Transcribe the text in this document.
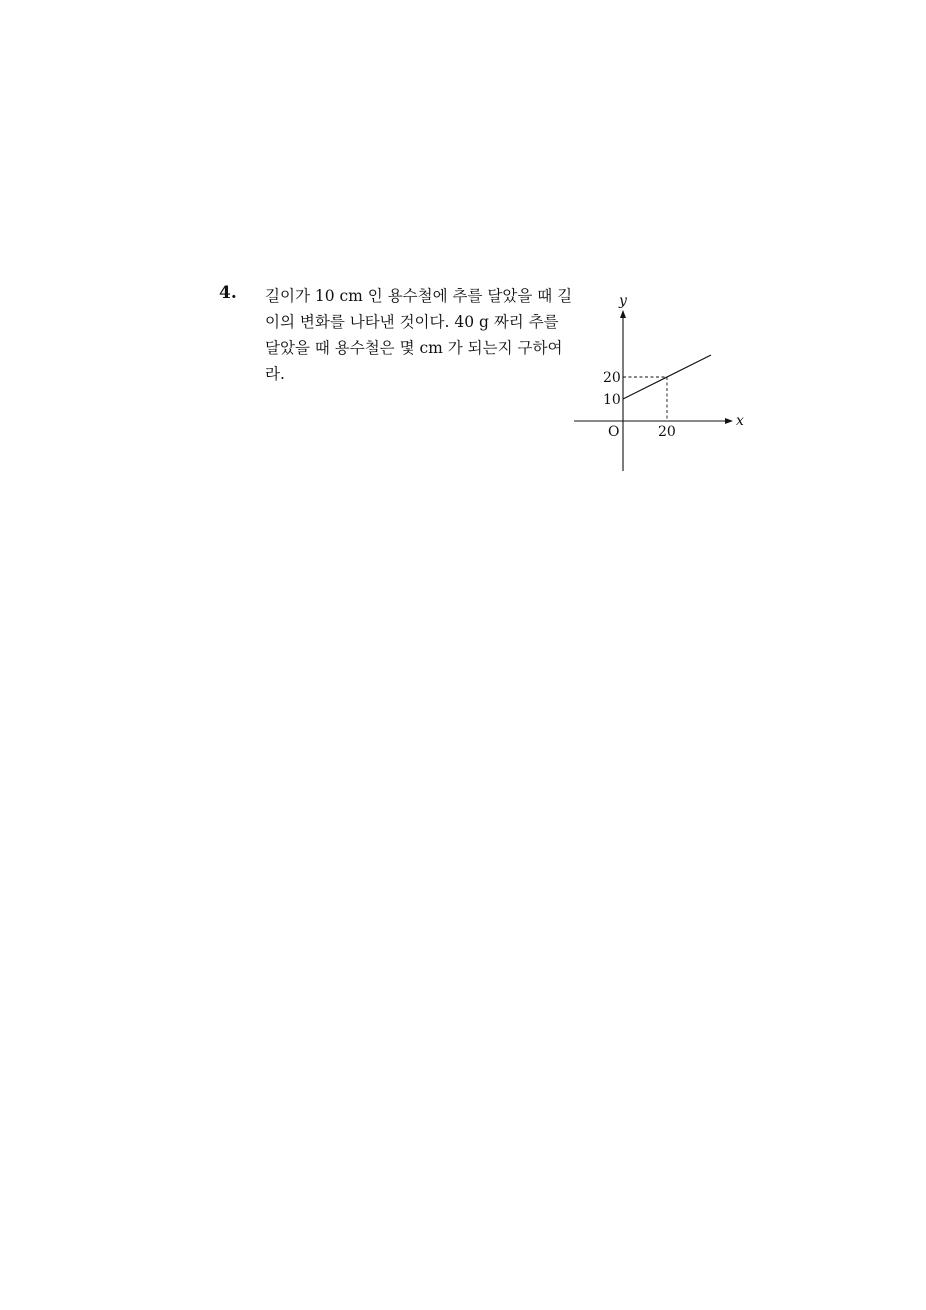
4. 길이가 10 cm 인 용수철에 추를 달았을 때 길
이의 변화를 나타낸 것이다. 40 g 짜리 추를
달았을 때 용수철은 몇 cm 가 되는지 구하여
라.
y
x
20
10
O	20
